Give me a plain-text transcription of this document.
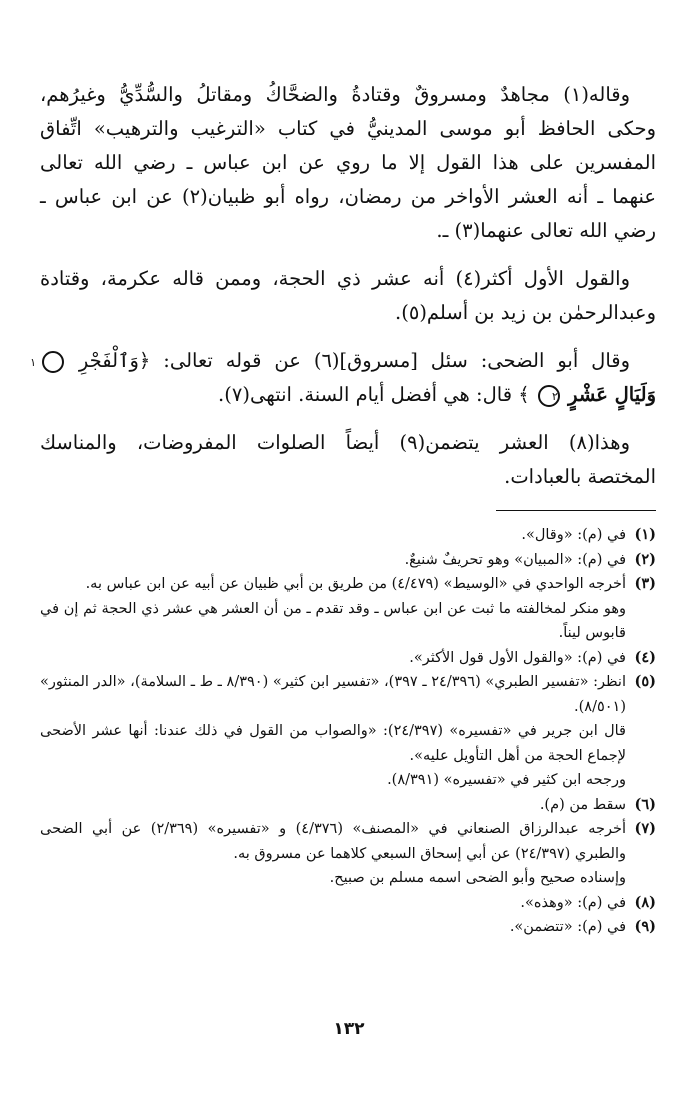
وقاله(١) مجاهدٌ ومسروقٌ وقتادةُ والضحَّاكُ ومقاتلُ والسُّدِّيُّ وغيرُهم،
وحكى الحافظ أبو موسى المدينيُّ في كتاب «الترغيب والترهيب» اتِّفاق
المفسرين على هذا القول إلا ما روي عن ابن عباس ـ رضي الله تعالى
عنهما ـ أنه العشر الأواخر من رمضان، رواه أبو ظبيان(٢) عن ابن عباس ـ
رضي الله تعالى عنهما(٣) ـ.

والقول الأول أكثر(٤) أنه عشر ذي الحجة، وممن قاله عكرمة، وقتادة
وعبدالرحمٰن بن زيد بن أسلم(٥).

وقال أبو الضحى: سئل [مسروق](٦) عن قوله تعالى: ﴿وَٱلْفَجْرِ ١
وَلَيَالٍ عَشْرٍ ٢ ﴾ قال: هي أفضل أيام السنة. انتهى(٧).

وهذا(٨) العشر يتضمن(٩) أيضاً الصلوات المفروضات، والمناسك
المختصة بالعبادات.

(١)
في (م): «وقال».
(٢)
في (م): «المبيان» وهو تحريفٌ شنيعٌ.
(٣)
أخرجه الواحدي في «الوسيط» (٤/٤٧٩) من طريق بن أبي ظبيان عن أبيه عن ابن عباس به.
وهو منكر لمخالفته ما ثبت عن ابن عباس ـ وقد تقدم ـ من أن العشر هي عشر ذي الحجة ثم إن في قابوس ليناً.
(٤)
في (م): «والقول الأول قول الأكثر».
(٥)
انظر: «تفسير الطبري» (٢٤/٣٩٦ ـ ٣٩٧)، «تفسير ابن كثير» (٨/٣٩٠ ـ ط ـ السلامة)، «الدر المنثور» (٨/٥٠١).
قال ابن جرير في «تفسيره» (٢٤/٣٩٧): «والصواب من القول في ذلك عندنا: أنها عشر الأضحى لإجماع الحجة من أهل التأويل عليه».
ورجحه ابن كثير في «تفسيره» (٨/٣٩١).
(٦)
سقط من (م).
(٧)
أخرجه عبدالرزاق الصنعاني في «المصنف» (٤/٣٧٦) و «تفسيره» (٢/٣٦٩) عن أبي الضحى والطبري (٢٤/٣٩٧) عن أبي إسحاق السبعي كلاهما عن مسروق به.
وإسناده صحيح وأبو الضحى اسمه مسلم بن صبيح.
(٨)
في (م): «وهذه».
(٩)
في (م): «تتضمن».
١٣٢
